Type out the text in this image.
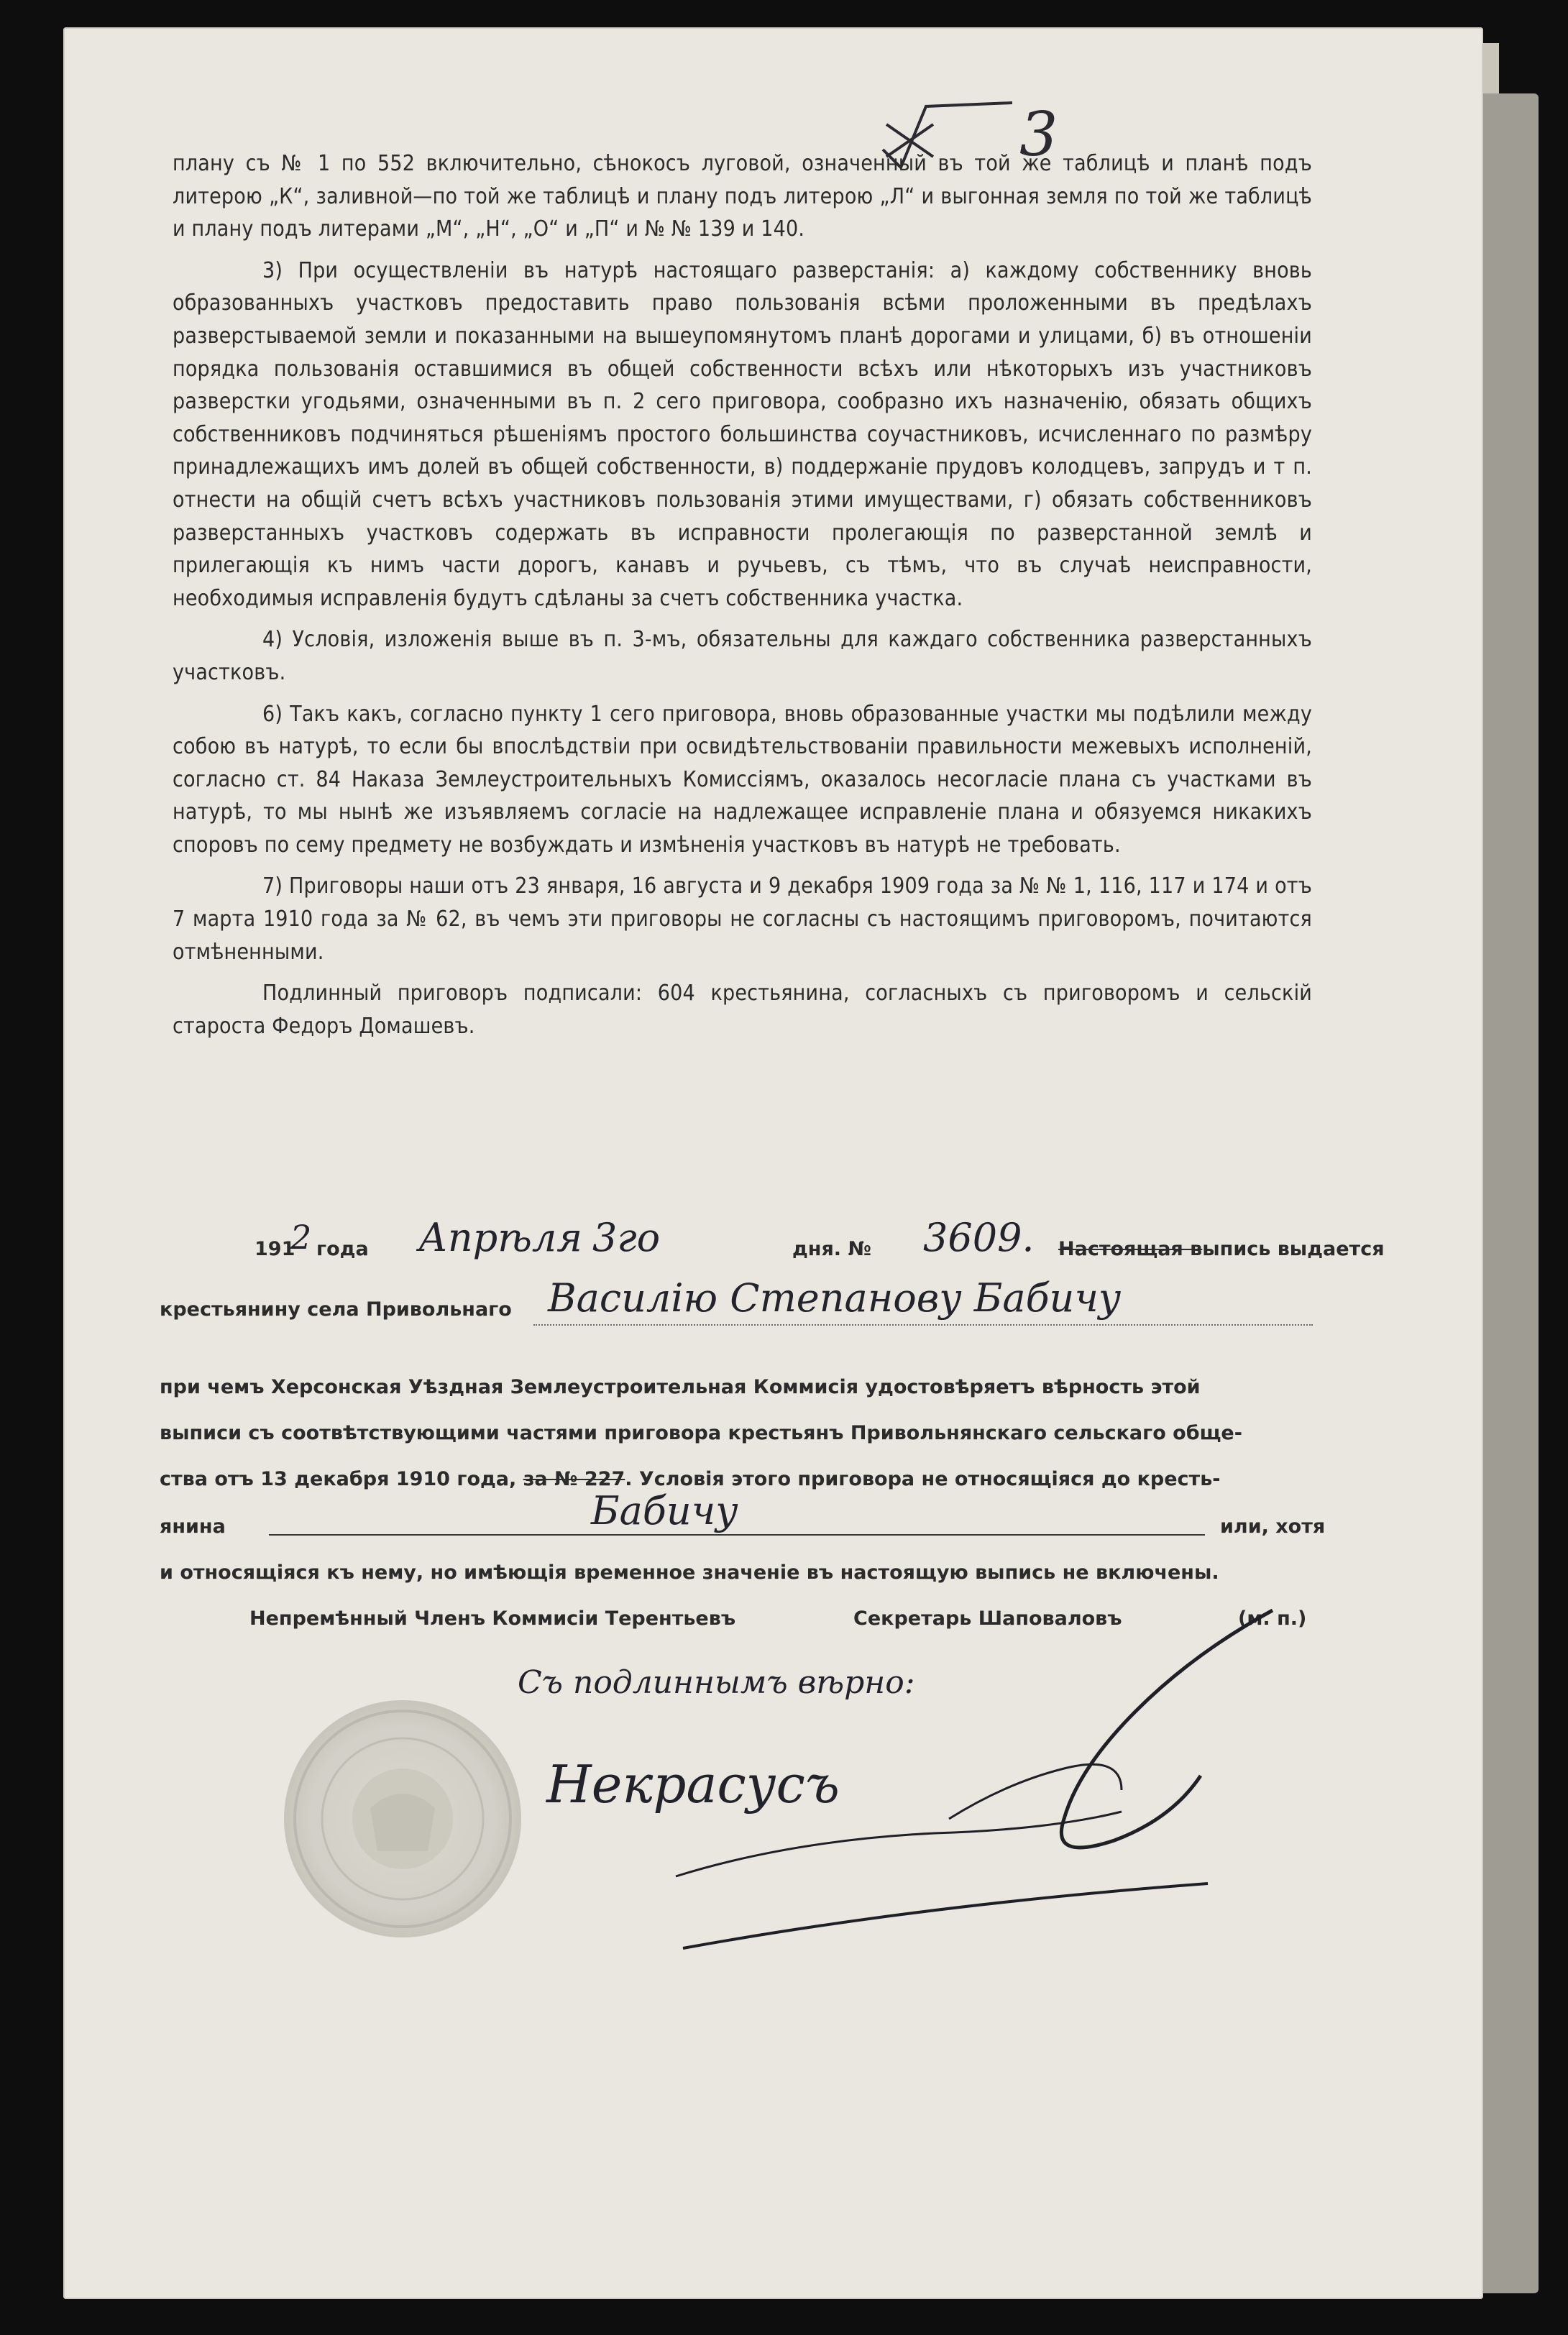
3

плану съ № 1 по 552 включительно, сѣнокосъ луговой, означенный въ той же таблицѣ и планѣ подъ литерою „К“, заливной—по той же таблицѣ и плану подъ литерою „Л“ и выгонная земля по той же таблицѣ и плану подъ литерами „М“, „Н“, „О“ и „П“ и № № 139 и 140.

3) При осуществленіи въ натурѣ настоящаго разверстанія: а) каждому собственнику вновь образованныхъ участковъ предоставить право пользованія всѣми проложенными въ предѣлахъ разверстываемой земли и показанными на вышеупомянутомъ планѣ дорогами и улицами, б) въ отношеніи порядка пользованія оставшимися въ общей собственности всѣхъ или нѣкоторыхъ изъ участниковъ разверстки угодьями, означенными въ п. 2 сего приговора, сообразно ихъ назначенію, обязать общихъ собственниковъ подчиняться рѣшеніямъ простого большинства соучастниковъ, исчисленнаго по размѣру принадлежащихъ имъ долей въ общей собственности, в) поддержаніе прудовъ колодцевъ, запрудъ и т п. отнести на общій счетъ всѣхъ участниковъ пользованія этими имуществами, г) обязать собственниковъ разверстанныхъ участковъ содержать въ исправности пролегающія по разверстанной землѣ и прилегающія къ нимъ части дорогъ, канавъ и ручьевъ, съ тѣмъ, что въ случаѣ неисправности, необходимыя исправленія будутъ сдѣланы за счетъ собственника участка.

4) Условія, изложенія выше въ п. 3-мъ, обязательны для каждаго собственника разверстанныхъ участковъ.

6) Такъ какъ, согласно пункту 1 сего приговора, вновь образованные участки мы подѣлили между собою въ натурѣ, то если бы впослѣдствіи при освидѣтельствованіи правильности межевыхъ исполненій, согласно ст. 84 Наказа Землеустроительныхъ Комиссіямъ, оказалось несогласіе плана съ участками въ натурѣ, то мы нынѣ же изъявляемъ согласіе на надлежащее исправленіе плана и обязуемся никакихъ споровъ по сему предмету не возбуждать и измѣненія участковъ въ натурѣ не требовать.

7) Приговоры наши отъ 23 января, 16 августа и 9 декабря 1909 года за № № 1, 116, 117 и 174 и отъ 7 марта 1910 года за № 62, въ чемъ эти приговоры не согласны съ настоящимъ приговоромъ, почитаются отмѣненными.

Подлинный приговоръ подписали: 604 крестьянина, согласныхъ съ приговоромъ и сельскій староста Федоръ Домашевъ.

191
2 года Апрѣля 3го	дня. № 3609. Настоящая выпись выдается
крестьянину села Привольнаго Василію Степанову Бабичу
при чемъ Херсонская Уѣздная Землеустроительная Коммисія удостовѣряетъ вѣрность этой
выписи съ соотвѣтствующими частями приговора крестьянъ Привольнянскаго сельскаго обще-
ства отъ 13 декабря 1910 года, за № 227. Условія этого приговора не относящіяся до кресть-
янина	Бабичу	или, хотя
и относящіяся къ нему, но имѣющія временное значеніе въ настоящую выпись не включены.
Непремѣнный Членъ Коммисіи Терентьевъ	Секретарь Шаповаловъ	(м. п.)
Съ подлиннымъ вѣрно:
Некрасусъ
